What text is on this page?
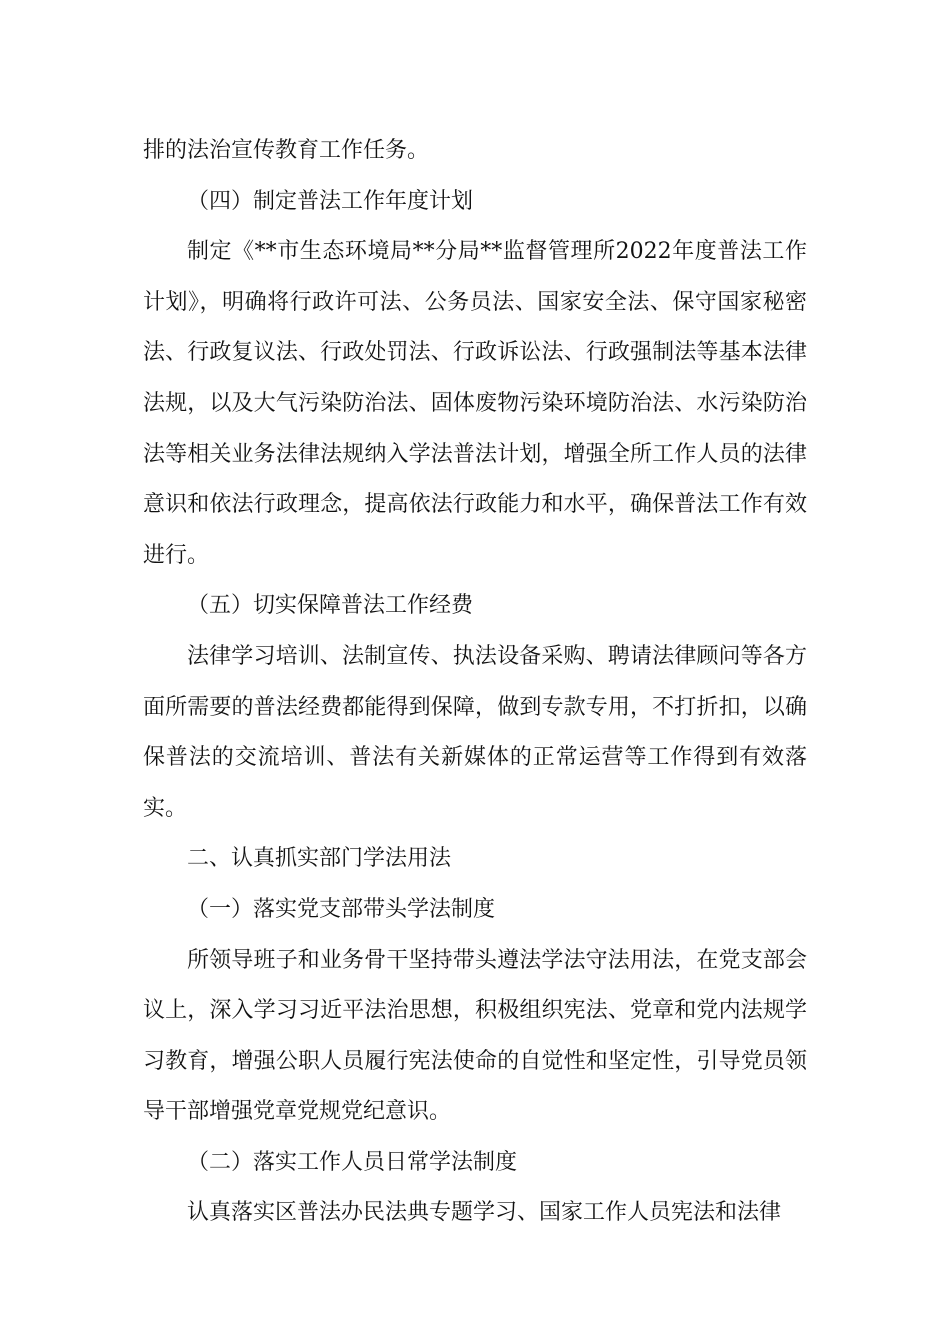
排的法治宣传教育工作任务。

（四）制定普法工作年度计划

制定《**市生态环境局**分局**监督管理所2022年度普法工作计划》，明确将行政许可法、公务员法、国家安全法、保守国家秘密法、行政复议法、行政处罚法、行政诉讼法、行政强制法等基本法律法规，以及大气污染防治法、固体废物污染环境防治法、水污染防治法等相关业务法律法规纳入学法普法计划，增强全所工作人员的法律意识和依法行政理念，提高依法行政能力和水平，确保普法工作有效进行。

（五）切实保障普法工作经费

法律学习培训、法制宣传、执法设备采购、聘请法律顾问等各方面所需要的普法经费都能得到保障，做到专款专用，不打折扣，以确保普法的交流培训、普法有关新媒体的正常运营等工作得到有效落实。

二、认真抓实部门学法用法

（一）落实党支部带头学法制度

所领导班子和业务骨干坚持带头遵法学法守法用法，在党支部会议上，深入学习习近平法治思想，积极组织宪法、党章和党内法规学习教育，增强公职人员履行宪法使命的自觉性和坚定性，引导党员领导干部增强党章党规党纪意识。

（二）落实工作人员日常学法制度

认真落实区普法办民法典专题学习、国家工作人员宪法和法律
